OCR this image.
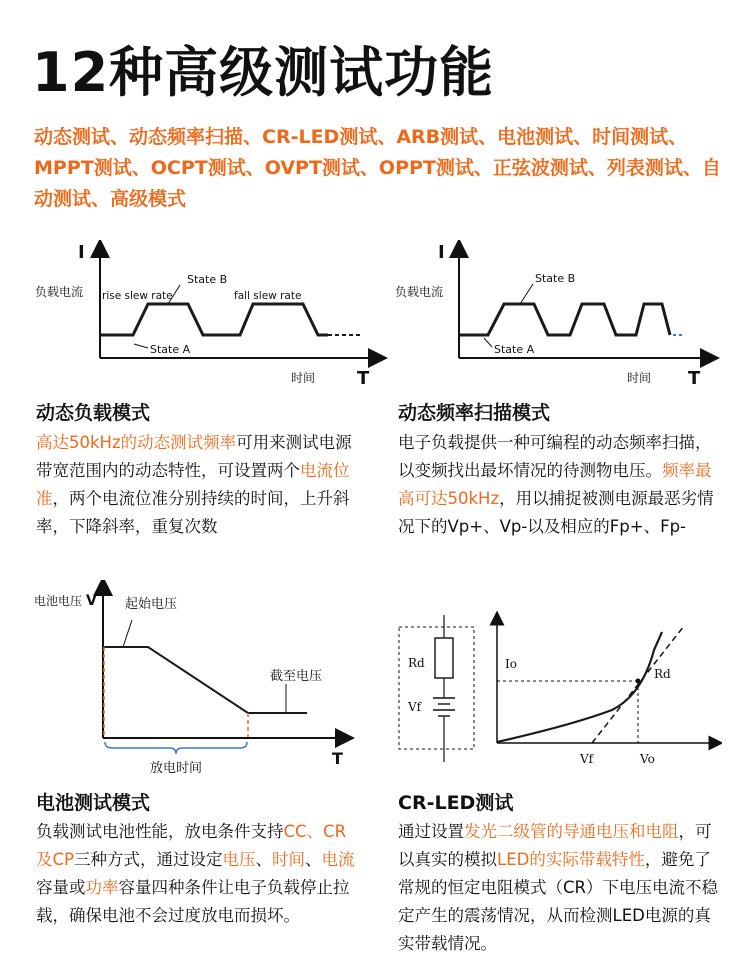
12种高级测试功能
动态测试、动态频率扫描、CR-LED测试、ARB测试、电池测试、时间测试、MPPT测试、OCPT测试、OVPT测试、OPPT测试、正弦波测试、列表测试、自动测试、高级模式
I
T
时间
负载电流 rise slew rate	fall slew rate
State A
State B
I
T
时间
负载电流
State A
State B
动态负载模式
高达50kHz的动态测试频率可用来测试电源带宽范围内的动态特性，可设置两个电流位准，两个电流位准分别持续的时间，上升斜率，下降斜率，重复次数
动态频率扫描模式
电子负载提供一种可编程的动态频率扫描，以变频找出最坏情况的待测物电压。频率最高可达50kHz，用以捕捉被测电源最恶劣情况下的Vp+、Vp-以及相应的Fp+、Fp-
电池电压 V
T
起始电压
截至电压
放电时间
Rd
Vf
Io
Rd
Vf	Vo
电池测试模式
负载测试电池性能，放电条件支持CC、CR及CP三种方式，通过设定电压、时间、电流容量或功率容量四种条件让电子负载停止拉载，确保电池不会过度放电而损坏。
CR-LED测试
通过设置发光二级管的导通电压和电阻，可以真实的模拟LED的实际带载特性，避免了常规的恒定电阻模式（CR）下电压电流不稳定产生的震荡情况，从而检测LED电源的真实带载情况。
